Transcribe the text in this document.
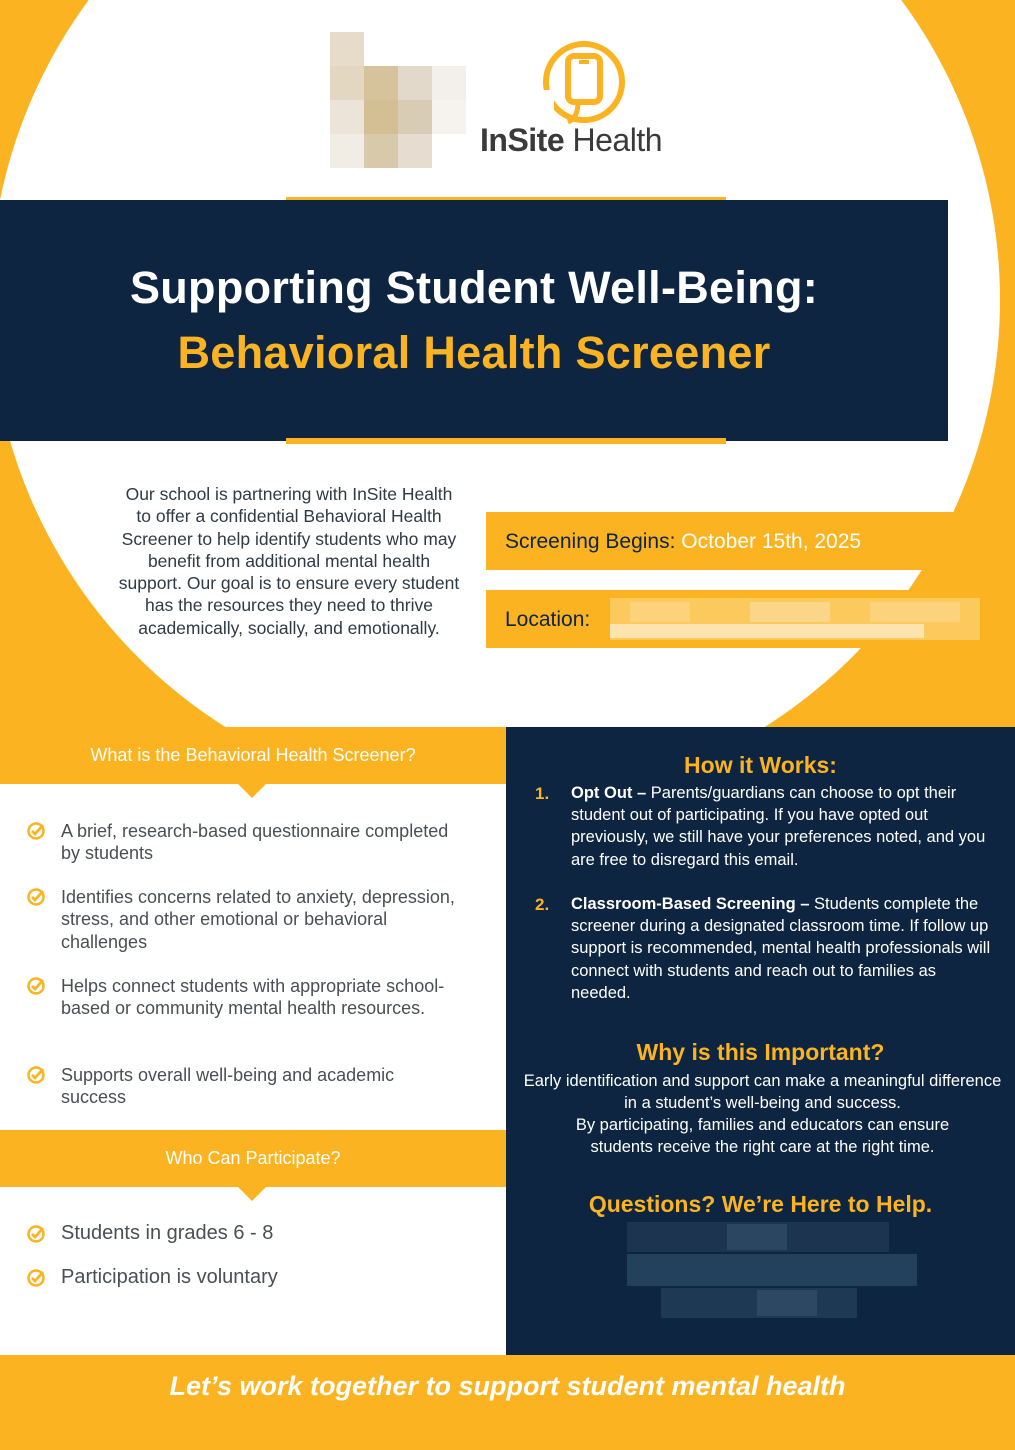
InSite Health
Supporting Student Well-Being:
Behavioral Health Screener
Our school is partnering with InSite Health to offer a confidential Behavioral Health Screener to help identify students who may benefit from additional mental health support. Our goal is to ensure every student has the resources they need to thrive academically, socially, and emotionally.
Screening Begins: October 15th, 2025
Location:
What is the Behavioral Health Screener?
A brief, research-based questionnaire completed by students
Identifies concerns related to anxiety, depression, stress, and other emotional or behavioral challenges
Helps connect students with appropriate school-based or community mental health resources.
Supports overall well-being and academic success
Who Can Participate?
Students in grades 6 - 8
Participation is voluntary
How it Works:
1. Opt Out – Parents/guardians can choose to opt their student out of participating. If you have opted out previously, we still have your preferences noted, and you are free to disregard this email.
2. Classroom-Based Screening – Students complete the screener during a designated classroom time. If follow up support is recommended, mental health professionals will connect with students and reach out to families as needed.
Why is this Important?
Early identification and support can make a meaningful difference in a student’s well-being and success.
By participating, families and educators can ensure students receive the right care at the right time.
Questions? We’re Here to Help.
Let’s work together to support student mental health
